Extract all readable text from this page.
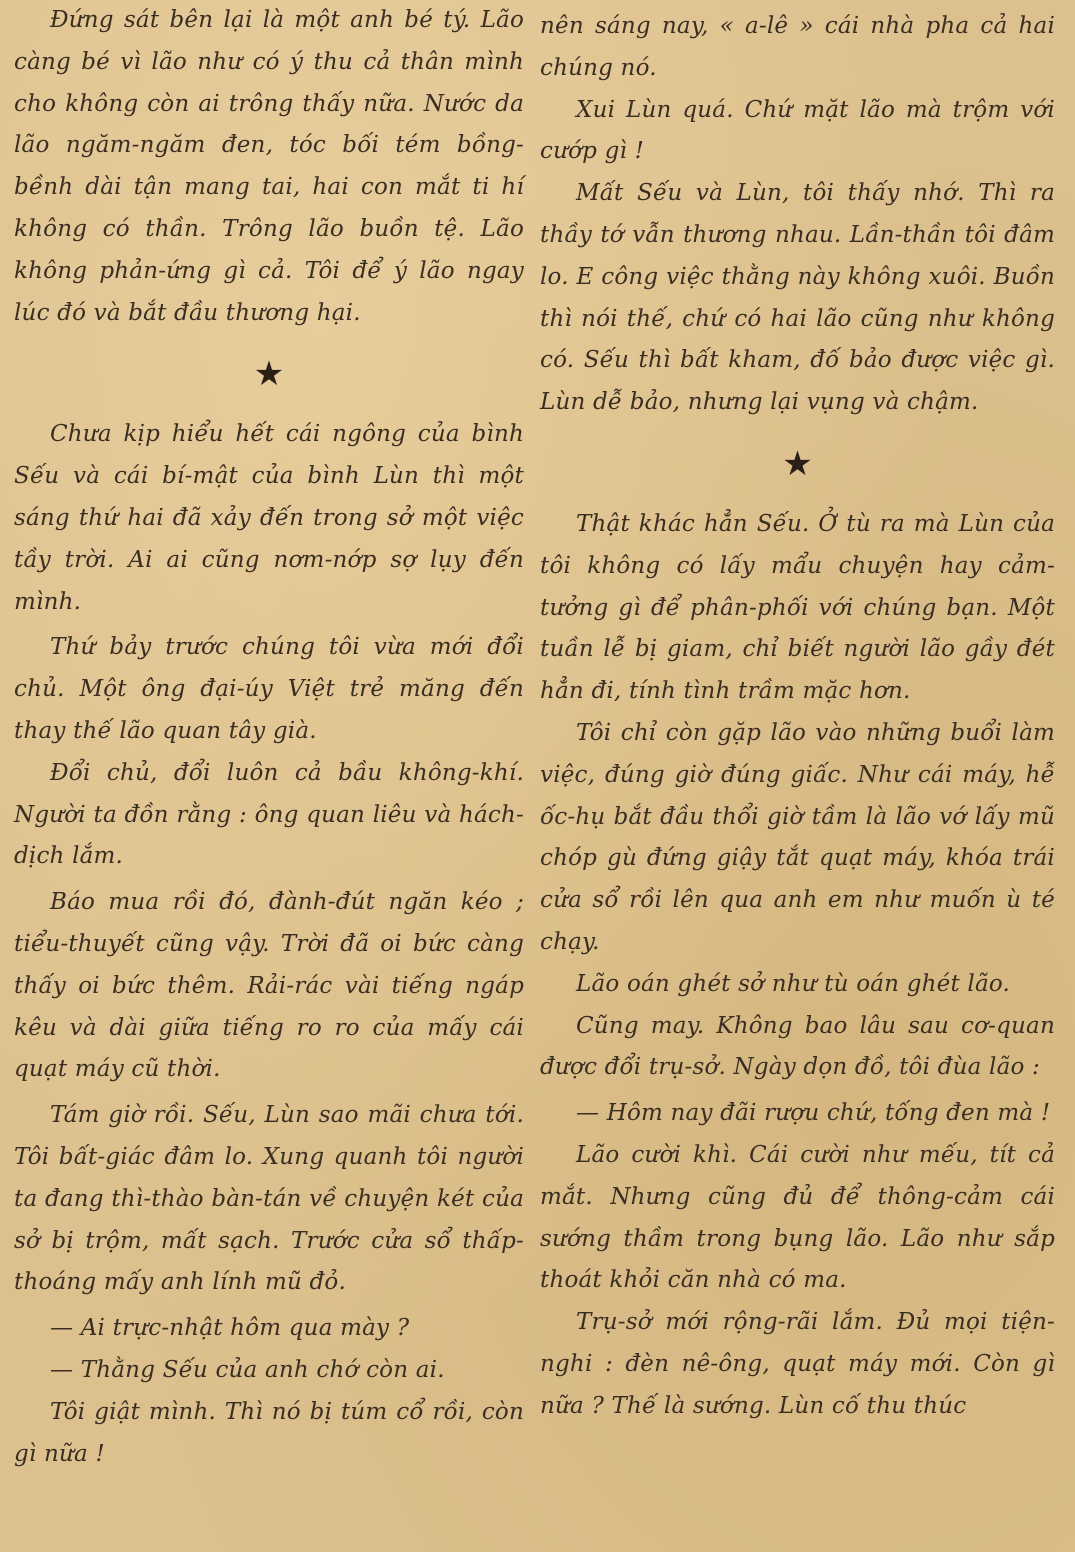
Đứng sát bên lại là một anh bé tý. Lão càng bé vì lão như có ý thu cả thân mình cho không còn ai trông thấy nữa. Nước da lão ngăm-ngăm đen, tóc bối tém bồng-bềnh dài tận mang tai, hai con mắt ti hí không có thần. Trông lão buồn tệ. Lão không phản-ứng gì cả. Tôi để ý lão ngay lúc đó và bắt đầu thương hại.

★

Chưa kịp hiểu hết cái ngông của bình Sếu và cái bí-mật của bình Lùn thì một sáng thứ hai đã xảy đến trong sở một việc tầy trời. Ai ai cũng nơm-nớp sợ lụy đến mình.

Thứ bảy trước chúng tôi vừa mới đổi chủ. Một ông đại-úy Việt trẻ măng đến thay thế lão quan tây già.

Đổi chủ, đổi luôn cả bầu không-khí. Người ta đồn rằng : ông quan liêu và hách-dịch lắm.

Báo mua rồi đó, đành-đút ngăn kéo ; tiểu-thuyết cũng vậy. Trời đã oi bức càng thấy oi bức thêm. Rải-rác vài tiếng ngáp kêu và dài giữa tiếng ro ro của mấy cái quạt máy cũ thời.

Tám giờ rồi. Sếu, Lùn sao mãi chưa tới. Tôi bất-giác đâm lo. Xung quanh tôi người ta đang thì-thào bàn-tán về chuyện két của sở bị trộm, mất sạch. Trước cửa sổ thấp-thoáng mấy anh lính mũ đỏ.

— Ai trực-nhật hôm qua mày ?

— Thằng Sếu của anh chớ còn ai.

Tôi giật mình. Thì nó bị túm cổ rồi, còn gì nữa !

nên sáng nay, « a-lê » cái nhà pha cả hai chúng nó.

Xui Lùn quá. Chứ mặt lão mà trộm với cướp gì !

Mất Sếu và Lùn, tôi thấy nhớ. Thì ra thầy tớ vẫn thương nhau. Lần-thần tôi đâm lo. E công việc thằng này không xuôi. Buồn thì nói thế, chứ có hai lão cũng như không có. Sếu thì bất kham, đố bảo được việc gì. Lùn dễ bảo, nhưng lại vụng và chậm.

★

Thật khác hẳn Sếu. Ở tù ra mà Lùn của tôi không có lấy mẩu chuyện hay cảm-tưởng gì để phân-phối với chúng bạn. Một tuần lễ bị giam, chỉ biết người lão gầy đét hẳn đi, tính tình trầm mặc hơn.

Tôi chỉ còn gặp lão vào những buổi làm việc, đúng giờ đúng giấc. Như cái máy, hễ ốc-hụ bắt đầu thổi giờ tầm là lão vớ lấy mũ chóp gù đứng giậy tắt quạt máy, khóa trái cửa sổ rồi lên qua anh em như muốn ù té chạy.

Lão oán ghét sở như tù oán ghét lão.

Cũng may. Không bao lâu sau cơ-quan được đổi trụ-sở. Ngày dọn đồ, tôi đùa lão :

— Hôm nay đãi rượu chứ, tống đen mà !

Lão cười khì. Cái cười như mếu, tít cả mắt. Nhưng cũng đủ để thông-cảm cái sướng thầm trong bụng lão. Lão như sắp thoát khỏi căn nhà có ma.

Trụ-sở mới rộng-rãi lắm. Đủ mọi tiện-nghi : đèn nê-ông, quạt máy mới. Còn gì nữa ? Thế là sướng. Lùn cố thu thúc
